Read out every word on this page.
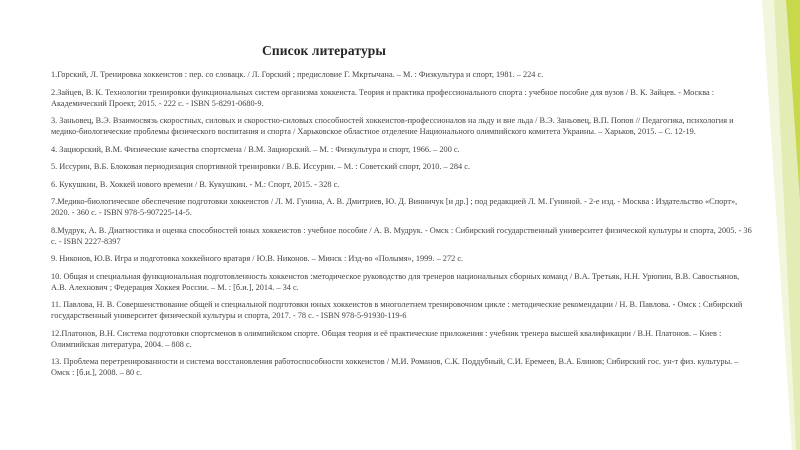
Список литературы

1.Горский, Л. Тренировка хоккеистов : пер. со словацк. / Л. Горский ; предисловие Г. Мкртычана. – М. : Физкультура и спорт, 1981. – 224 с.

2.Зайцев, В. К. Технологии тренировки функциональных систем организма хоккеиста. Теория и практика профессионального спорта : учебное пособие для вузов / В. К. Зайцев. - Москва : Академический Проект, 2015. - 222 с. - ISBN 5-8291-0680-9.

3. Заньовец, В.Э. Взаимосвязь скоростных, силовых и скоростно-силовых способностей хоккеистов-профессионалов на льду и вне льда / В.Э. Заньовец, В.П. Попов // Педагогика, психология и медико-биологические проблемы физического воспитания и спорта / Харьковское областное отделение Национального олимпийского комитета Украины. – Харьков, 2015. – С. 12-19.

4. Зациорский, В.М. Физические качества спортсмена / В.М. Зациорский. – М. : Физкультура и спорт, 1966. – 200 с.

5. Иссурин, В.Б. Блоковая периодизация спортивной тренировки / В.Б. Иссурин. – М. : Советский спорт, 2010. – 284 с.

6. Кукушкин, В. Хоккей нового времени / В. Кукушкин. - М.: Спорт, 2015. - 328 с.

7.Медико-биологическое обеспечение подготовки хоккеистов / Л. М. Гунина, А. В. Дмитриев, Ю. Д. Винничук [и др.] ; под редакцией Л. М. Гуниной. - 2-е изд. - Москва : Издательство «Спорт», 2020. - 360 с. - ISBN 978-5-907225-14-5.

8.Мудрук, А. В. Диагностика и оценка способностей юных хоккеистов : учебное пособие / А. В. Мудрук. - Омск : Сибирский государственный университет физической культуры и спорта, 2005. - 36 с. - ISBN 2227-8397

9. Никонов, Ю.В. Игра и подготовка хоккейного вратаря / Ю.В. Никонов. – Минск : Изд-во «Полымя», 1999. – 272 с.

10. Общая и специальная функциональная подготовленность хоккеистов :методическое руководство для тренеров национальных сборных команд / В.А. Третьяк, Н.Н. Урюпин, В.В. Савостьянов, А.В. Алехнович ; Федерация Хоккея России. – М. : [б.и.], 2014. – 34 с.

11. Павлова, Н. В. Совершенствование общей и специальной подготовки юных хоккеистов в многолетнем тренировочном цикле : методические рекомендации / Н. В. Павлова. - Омск : Сибирский государственный университет физической культуры и спорта, 2017. - 78 с. - ISBN 978-5-91930-119-6

12.Платонов, В.Н. Система подготовки спортсменов в олимпийском спорте. Общая теория и её практические приложения : учебник тренера высшей квалификации / В.Н. Платонов. – Киев : Олимпийская литература, 2004. – 808 с.

13. Проблема перетренированности и система восстановления работоспособности хоккеистов / М.И. Романов, С.К. Поддубный, С.И. Еремеев, В.А. Блинов; Сибирский гос. ун-т физ. культуры. – Омск : [б.и.], 2008. – 80 с.
